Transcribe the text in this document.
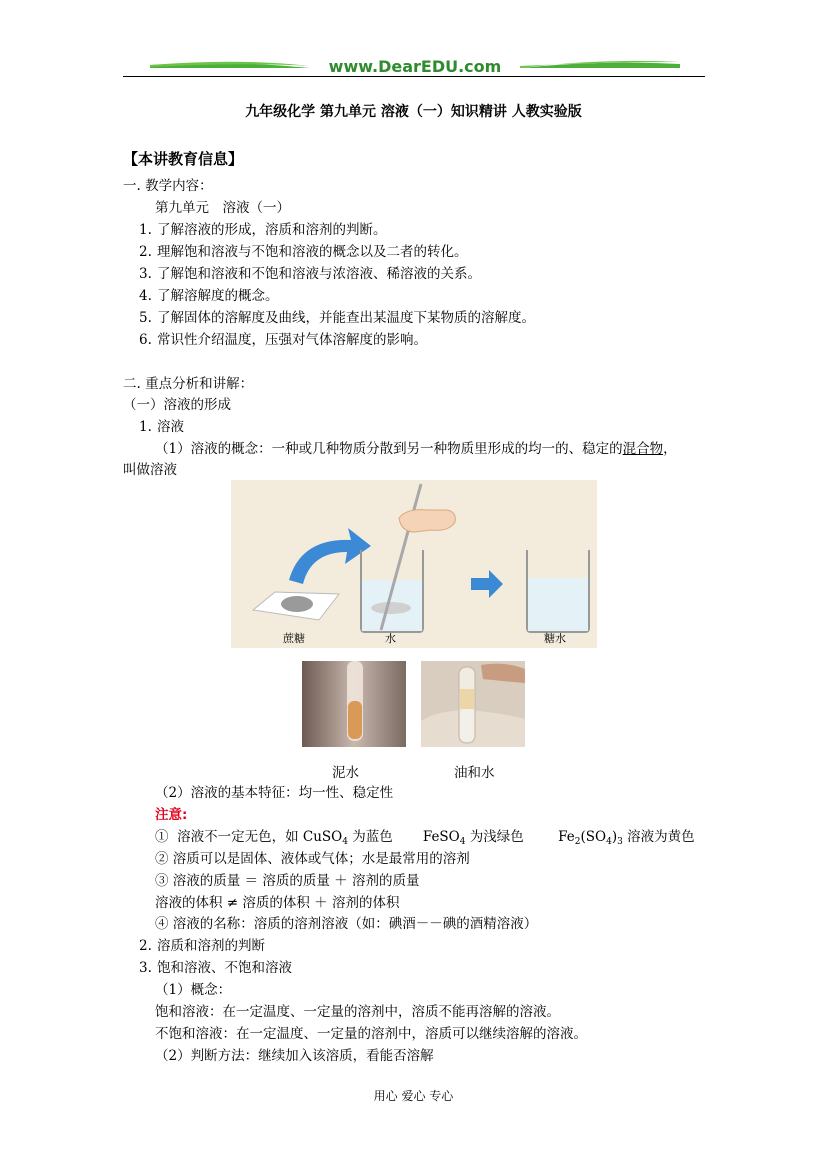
www.DearEDU.com
九年级化学 第九单元 溶液（一）知识精讲 人教实验版
【本讲教育信息】
一. 教学内容：
第九单元　溶液（一）
1. 了解溶液的形成，溶质和溶剂的判断。
2. 理解饱和溶液与不饱和溶液的概念以及二者的转化。
3. 了解饱和溶液和不饱和溶液与浓溶液、稀溶液的关系。
4. 了解溶解度的概念。
5. 了解固体的溶解度及曲线，并能查出某温度下某物质的溶解度。
6. 常识性介绍温度，压强对气体溶解度的影响。
二. 重点分析和讲解：
（一）溶液的形成
1. 溶液
（1）溶液的概念：一种或几种物质分散到另一种物质里形成的均一的、稳定的混合物，
叫做溶液
蔗糖	水	糖水
泥水	油和水
（2）溶液的基本特征：均一性、稳定性
注意:
① 溶液不一定无色，如 CuSO$_4$ 为蓝色 FeSO$_4$ 为浅绿色	$Fe_2(SO_4)_3$ 溶液为黄色
② 溶质可以是固体、液体或气体；水是最常用的溶剂
③ 溶液的质量 ＝ 溶质的质量 ＋ 溶剂的质量
溶液的体积 ≠ 溶质的体积 ＋ 溶剂的体积
④ 溶液的名称：溶质的溶剂溶液（如：碘酒－－碘的酒精溶液）
2. 溶质和溶剂的判断
3. 饱和溶液、不饱和溶液
（1）概念：
饱和溶液：在一定温度、一定量的溶剂中，溶质不能再溶解的溶液。
不饱和溶液：在一定温度、一定量的溶剂中，溶质可以继续溶解的溶液。
（2）判断方法：继续加入该溶质，看能否溶解
用心 爱心 专心
